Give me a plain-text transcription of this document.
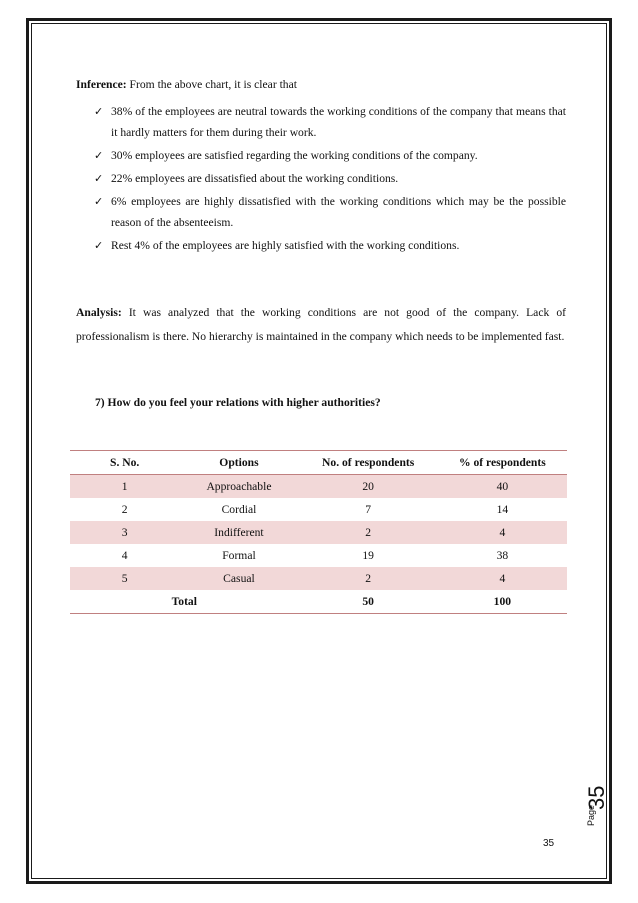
Inference: From the above chart, it is clear that

✓ 38% of the employees are neutral towards the working conditions of the company that means that it hardly matters for them during their work.
✓ 30% employees are satisfied regarding the working conditions of the company.
✓ 22% employees are dissatisfied about the working conditions.
✓ 6% employees are highly dissatisfied with the working conditions which may be the possible reason of the absenteeism.
✓ Rest 4% of the employees are highly satisfied with the working conditions.

Analysis: It was analyzed that the working conditions are not good of the company. Lack of professionalism is there. No hierarchy is maintained in the company which needs to be implemented fast.

7) How do you feel your relations with higher authorities?

S. No.	Options	No. of respondents	% of respondents
1	Approachable	20	40
2	Cordial	7	14
3	Indifferent	2	4
4	Formal	19	38
5	Casual	2	4
Total		50	100
Page
35
35
